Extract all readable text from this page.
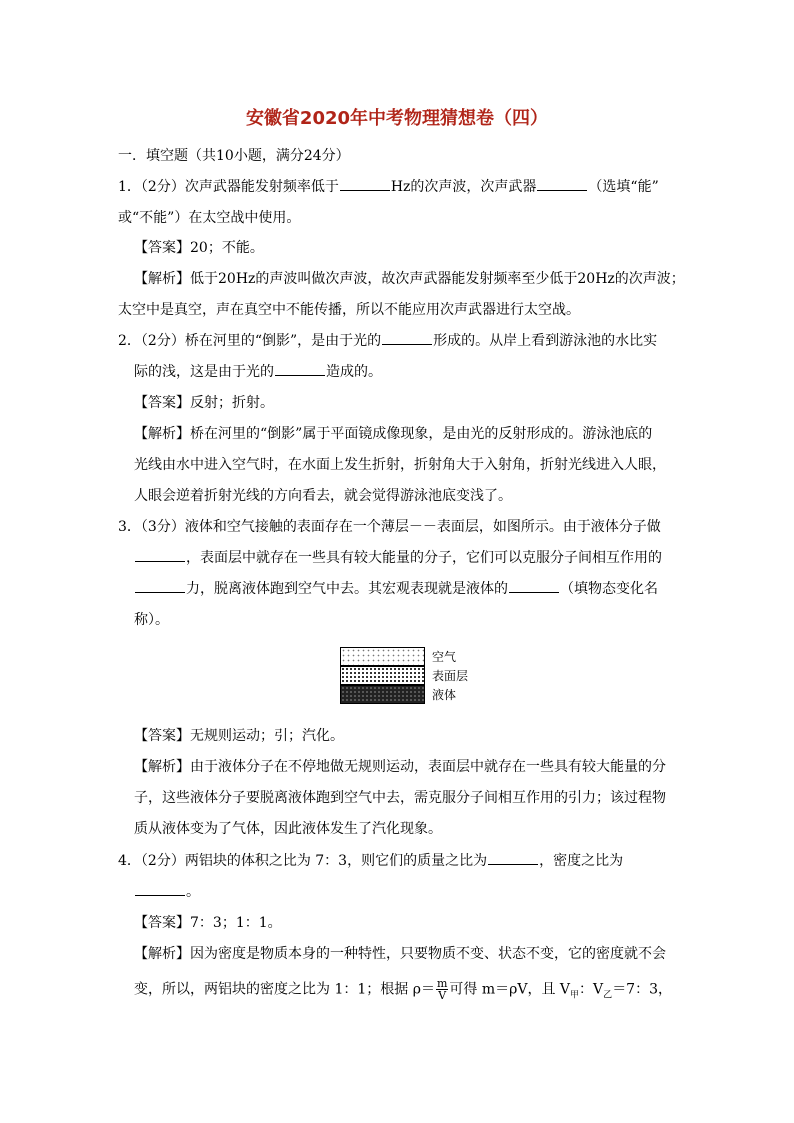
安徽省2020年中考物理猜想卷（四）
一．填空题（共10小题，满分24分）
1．（2分）次声武器能发射频率低于	Hz的次声波，次声武器	（选填“能”
或“不能”）在太空战中使用。
【答案】20；不能。
【解析】低于20Hz的声波叫做次声波，故次声武器能发射频率至少低于20Hz的次声波；
太空中是真空，声在真空中不能传播，所以不能应用次声武器进行太空战。
2．（2分）桥在河里的“倒影”，是由于光的	形成的。从岸上看到游泳池的水比实
际的浅，这是由于光的	造成的。
【答案】反射；折射。
【解析】桥在河里的“倒影”属于平面镜成像现象，是由光的反射形成的。游泳池底的
光线由水中进入空气时，在水面上发生折射，折射角大于入射角，折射光线进入人眼，
人眼会逆着折射光线的方向看去，就会觉得游泳池底变浅了。
3．（3分）液体和空气接触的表面存在一个薄层－－表面层，如图所示。由于液体分子做
，表面层中就存在一些具有较大能量的分子，它们可以克服分子间相互作用的
力，脱离液体跑到空气中去。其宏观表现就是液体的	（填物态变化名
称）。
空气
表面层
液体
【答案】无规则运动；引；汽化。
【解析】由于液体分子在不停地做无规则运动，表面层中就存在一些具有较大能量的分
子，这些液体分子要脱离液体跑到空气中去，需克服分子间相互作用的引力；该过程物
质从液体变为了气体，因此液体发生了汽化现象。
4．（2分）两铝块的体积之比为 7：3，则它们的质量之比为	，密度之比为
。
【答案】7：3；1：1。
【解析】因为密度是物质本身的一种特性，只要物质不变、状态不变，它的密度就不会
变，所以，两铝块的密度之比为 1：1；根据 $\rho= \frac{m}{V}$ 可得 m＝ρV，且 $V_甲$：$V_乙=7$：3，
